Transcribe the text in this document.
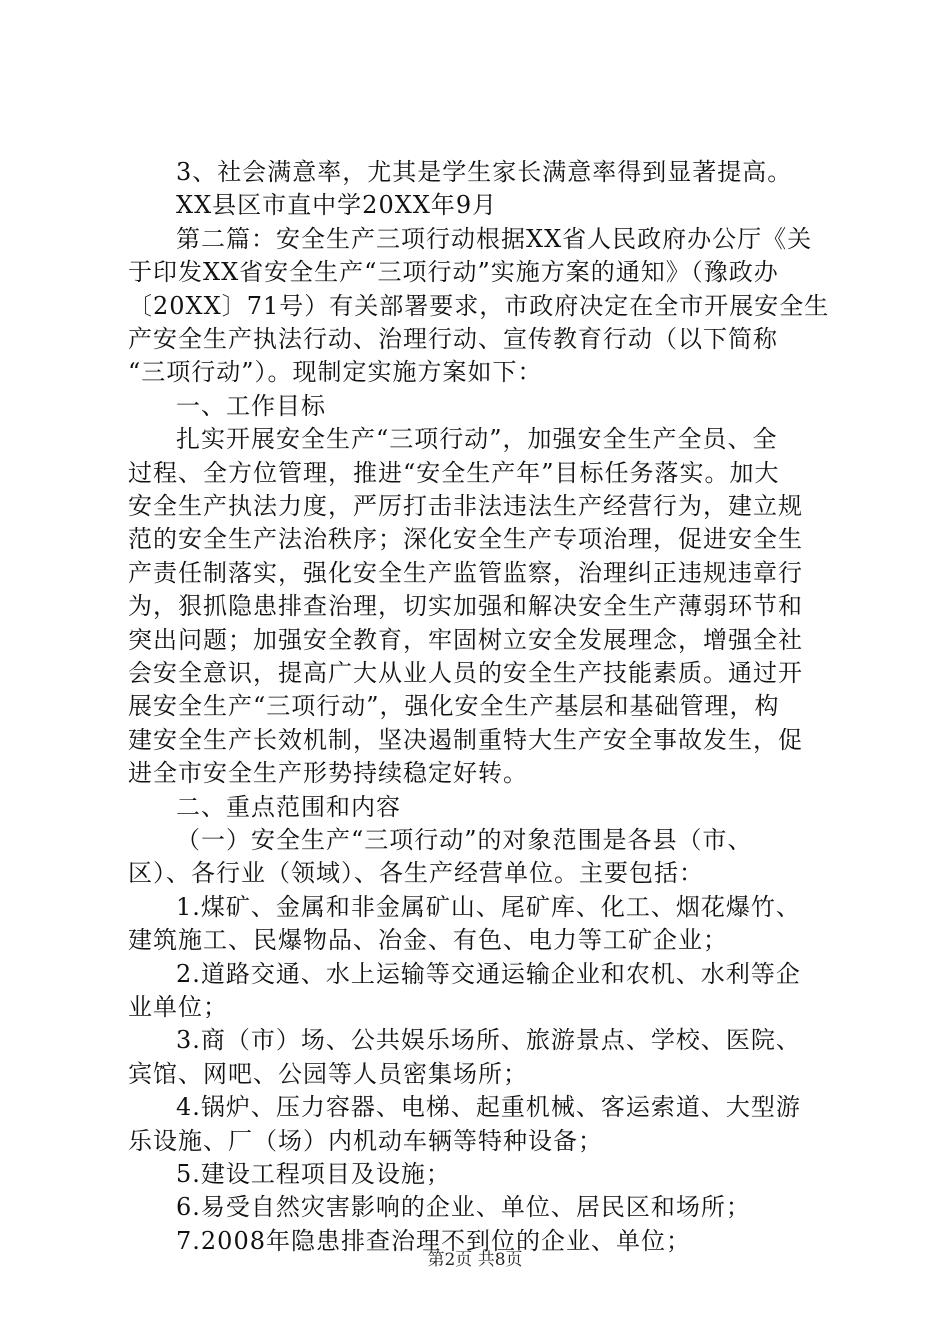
3、社会满意率，尤其是学生家长满意率得到显著提高。
XX县区市直中学20XX年9月
第二篇：安全生产三项行动根据XX省人民政府办公厅《关
于印发XX省安全生产“三项行动”实施方案的通知》（豫政办
〔20XX〕71号）有关部署要求，市政府决定在全市开展安全生
产安全生产执法行动、治理行动、宣传教育行动（以下简称
“三项行动”）。现制定实施方案如下：
一、工作目标
扎实开展安全生产“三项行动”，加强安全生产全员、全
过程、全方位管理，推进“安全生产年”目标任务落实。加大
安全生产执法力度，严厉打击非法违法生产经营行为，建立规
范的安全生产法治秩序；深化安全生产专项治理，促进安全生
产责任制落实，强化安全生产监管监察，治理纠正违规违章行
为，狠抓隐患排查治理，切实加强和解决安全生产薄弱环节和
突出问题；加强安全教育，牢固树立安全发展理念，增强全社
会安全意识，提高广大从业人员的安全生产技能素质。通过开
展安全生产“三项行动”，强化安全生产基层和基础管理，构
建安全生产长效机制，坚决遏制重特大生产安全事故发生，促
进全市安全生产形势持续稳定好转。
二、重点范围和内容
（一）安全生产“三项行动”的对象范围是各县（市、
区）、各行业（领域）、各生产经营单位。主要包括：
1.煤矿、金属和非金属矿山、尾矿库、化工、烟花爆竹、
建筑施工、民爆物品、冶金、有色、电力等工矿企业；
2.道路交通、水上运输等交通运输企业和农机、水利等企
业单位；
3.商（市）场、公共娱乐场所、旅游景点、学校、医院、
宾馆、网吧、公园等人员密集场所；
4.锅炉、压力容器、电梯、起重机械、客运索道、大型游
乐设施、厂（场）内机动车辆等特种设备；
5.建设工程项目及设施；
6.易受自然灾害影响的企业、单位、居民区和场所；
7.2008年隐患排查治理不到位的企业、单位；
第2页 共8页
